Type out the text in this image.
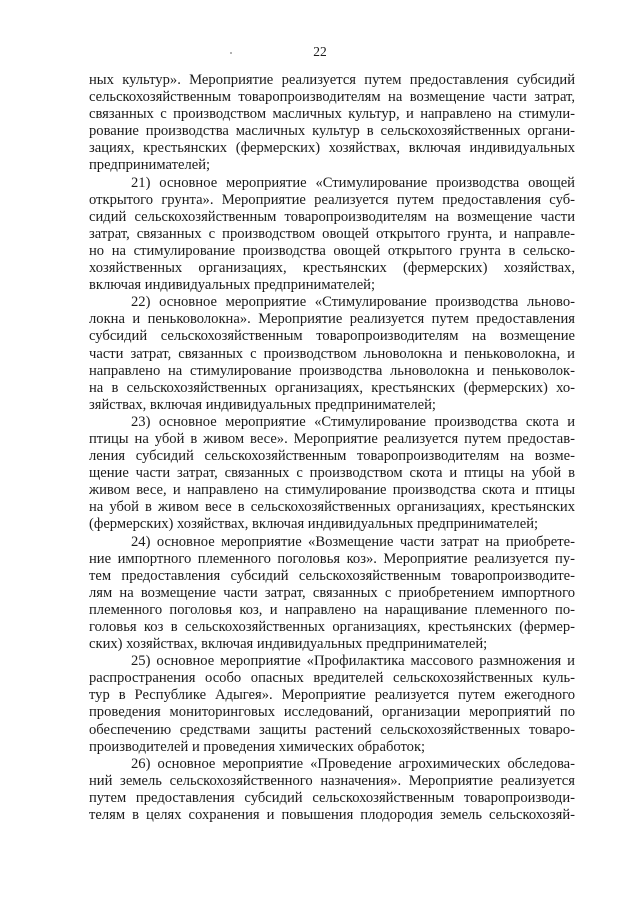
22
ных культур». Мероприятие реализуется путем предоставления субсидий
сельскохозяйственным товаропроизводителям на возмещение части затрат,
связанных с производством масличных культур, и направлено на стимули-
рование производства масличных культур в сельскохозяйственных органи-
зациях, крестьянских (фермерских) хозяйствах, включая индивидуальных
предпринимателей;
21) основное мероприятие «Стимулирование производства овощей
открытого грунта». Мероприятие реализуется путем предоставления суб-
сидий сельскохозяйственным товаропроизводителям на возмещение части
затрат, связанных с производством овощей открытого грунта, и направле-
но на стимулирование производства овощей открытого грунта в сельско-
хозяйственных организациях, крестьянских (фермерских) хозяйствах,
включая индивидуальных предпринимателей;
22) основное мероприятие «Стимулирование производства льново-
локна и пеньковолокна». Мероприятие реализуется путем предоставления
субсидий сельскохозяйственным товаропроизводителям на возмещение
части затрат, связанных с производством льноволокна и пеньковолокна, и
направлено на стимулирование производства льноволокна и пеньковолок-
на в сельскохозяйственных организациях, крестьянских (фермерских) хо-
зяйствах, включая индивидуальных предпринимателей;
23) основное мероприятие «Стимулирование производства скота и
птицы на убой в живом весе». Мероприятие реализуется путем предостав-
ления субсидий сельскохозяйственным товаропроизводителям на возме-
щение части затрат, связанных с производством скота и птицы на убой в
живом весе, и направлено на стимулирование производства скота и птицы
на убой в живом весе в сельскохозяйственных организациях, крестьянских
(фермерских) хозяйствах, включая индивидуальных предпринимателей;
24) основное мероприятие «Возмещение части затрат на приобрете-
ние импортного племенного поголовья коз». Мероприятие реализуется пу-
тем предоставления субсидий сельскохозяйственным товаропроизводите-
лям на возмещение части затрат, связанных с приобретением импортного
племенного поголовья коз, и направлено на наращивание племенного по-
головья коз в сельскохозяйственных организациях, крестьянских (фермер-
ских) хозяйствах, включая индивидуальных предпринимателей;
25) основное мероприятие «Профилактика массового размножения и
распространения особо опасных вредителей сельскохозяйственных куль-
тур в Республике Адыгея». Мероприятие реализуется путем ежегодного
проведения мониторинговых исследований, организации мероприятий по
обеспечению средствами защиты растений сельскохозяйственных товаро-
производителей и проведения химических обработок;
26) основное мероприятие «Проведение агрохимических обследова-
ний земель сельскохозяйственного назначения». Мероприятие реализуется
путем предоставления субсидий сельскохозяйственным товаропроизводи-
телям в целях сохранения и повышения плодородия земель сельскохозяй-
